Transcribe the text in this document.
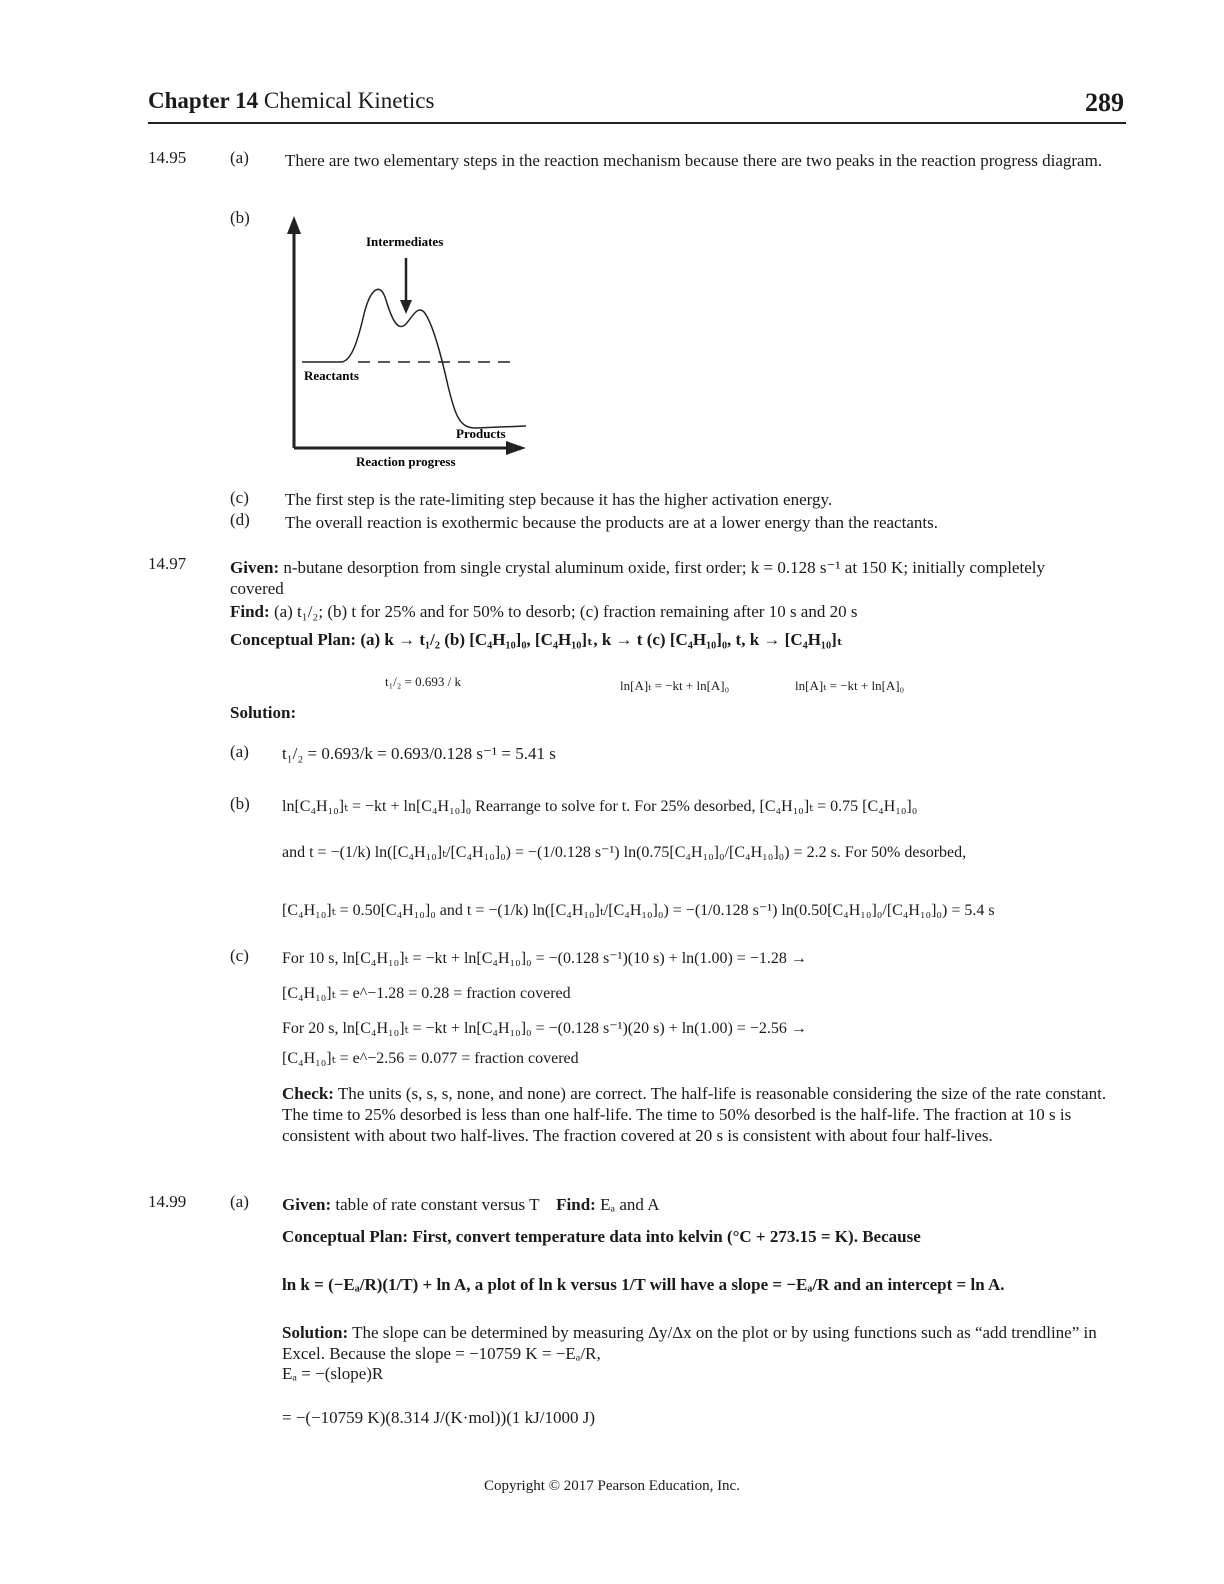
Chapter 14 Chemical Kinetics	289
14.95	(a) There are two elementary steps in the reaction mechanism because there are two peaks in the reaction progress diagram.
(b)
Intermediates
Reactants
Products
Reaction progress
(c) The first step is the rate-limiting step because it has the higher activation energy.
(d) The overall reaction is exothermic because the products are at a lower energy than the reactants.
14.97	Given: n-butane desorption from single crystal aluminum oxide, first order; k = 0.128 s⁻¹ at 150 K; initially completely covered
Find: (a) t₁/₂; (b) t for 25% and for 50% to desorb; (c) fraction remaining after 10 s and 20 s
Conceptual Plan: (a) k → t₁/₂ (b) [C₄H₁₀]₀, [C₄H₁₀]ₜ, k → t (c) [C₄H₁₀]₀, t, k → [C₄H₁₀]ₜ
t₁/₂ = 0.693 / k	ln[A]ₜ = −kt + ln[A]₀	ln[A]ₜ = −kt + ln[A]₀
Solution:
(a) t₁/₂ = 0.693/k = 0.693/0.128 s⁻¹ = 5.41 s
(b) ln[C₄H₁₀]ₜ = −kt + ln[C₄H₁₀]₀ Rearrange to solve for t. For 25% desorbed, [C₄H₁₀]ₜ = 0.75 [C₄H₁₀]₀
and t = −(1/k) ln([C₄H₁₀]ₜ/[C₄H₁₀]₀) = −(1/0.128 s⁻¹) ln(0.75[C₄H₁₀]₀/[C₄H₁₀]₀) = 2.2 s. For 50% desorbed,
[C₄H₁₀]ₜ = 0.50[C₄H₁₀]₀ and t = −(1/k) ln([C₄H₁₀]ₜ/[C₄H₁₀]₀) = −(1/0.128 s⁻¹) ln(0.50[C₄H₁₀]₀/[C₄H₁₀]₀) = 5.4 s
(c) For 10 s, ln[C₄H₁₀]ₜ = −kt + ln[C₄H₁₀]₀ = −(0.128 s⁻¹)(10 s) + ln(1.00) = −1.28 →
[C₄H₁₀]ₜ = e^−1.28 = 0.28 = fraction covered
For 20 s, ln[C₄H₁₀]ₜ = −kt + ln[C₄H₁₀]₀ = −(0.128 s⁻¹)(20 s) + ln(1.00) = −2.56 →
[C₄H₁₀]ₜ = e^−2.56 = 0.077 = fraction covered
Check: The units (s, s, s, none, and none) are correct. The half-life is reasonable considering the size of the rate constant. The time to 25% desorbed is less than one half-life. The time to 50% desorbed is the half-life. The fraction at 10 s is consistent with about two half-lives. The fraction covered at 20 s is consistent with about four half-lives.
14.99	(a) Given: table of rate constant versus T Find: Eₐ and A
Conceptual Plan: First, convert temperature data into kelvin (°C + 273.15 = K). Because
ln k = (−Eₐ/R)(1/T) + ln A, a plot of ln k versus 1/T will have a slope = −Eₐ/R and an intercept = ln A.
Solution: The slope can be determined by measuring Δy/Δx on the plot or by using functions such as “add trendline” in Excel. Because the slope = −10759 K = −Eₐ/R,
Eₐ = −(slope)R
= −(−10759 K)(8.314 J/(K·mol))(1 kJ/1000 J)
Copyright © 2017 Pearson Education, Inc.
